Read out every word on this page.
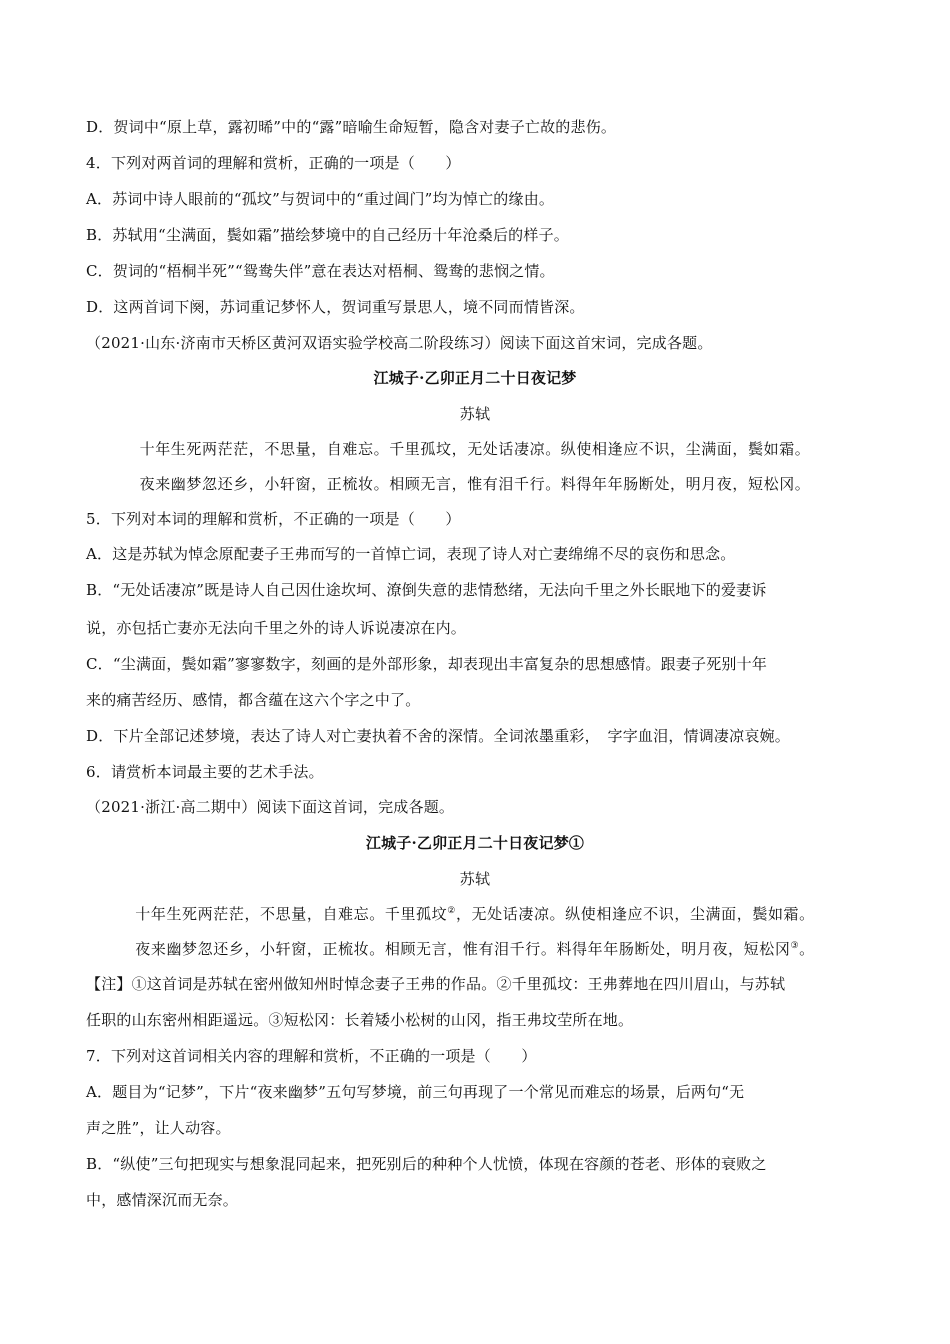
D．贺词中“原上草，露初晞”中的“露”暗喻生命短暂，隐含对妻子亡故的悲伤。
4．下列对两首词的理解和赏析，正确的一项是（　　）
A．苏词中诗人眼前的“孤坟”与贺词中的“重过阊门”均为悼亡的缘由。
B．苏轼用“尘满面，鬓如霜”描绘梦境中的自己经历十年沧桑后的样子。
C．贺词的“梧桐半死”“鸳鸯失伴”意在表达对梧桐、鸳鸯的悲悯之情。
D．这两首词下阕，苏词重记梦怀人，贺词重写景思人，境不同而情皆深。
（2021·山东·济南市天桥区黄河双语实验学校高二阶段练习）阅读下面这首宋词，完成各题。
江城子·乙卯正月二十日夜记梦
苏轼
十年生死两茫茫，不思量，自难忘。千里孤坟，无处话凄凉。纵使相逢应不识，尘满面，鬓如霜。
夜来幽梦忽还乡，小轩窗，正梳妆。相顾无言，惟有泪千行。料得年年肠断处，明月夜，短松冈。
5．下列对本词的理解和赏析，不正确的一项是（　　）
A．这是苏轼为悼念原配妻子王弗而写的一首悼亡词，表现了诗人对亡妻绵绵不尽的哀伤和思念。
B．“无处话凄凉”既是诗人自己因仕途坎坷、潦倒失意的悲情愁绪，无法向千里之外长眠地下的爱妻诉
说，亦包括亡妻亦无法向千里之外的诗人诉说凄凉在内。
C．“尘满面，鬓如霜”寥寥数字，刻画的是外部形象，却表现出丰富复杂的思想感情。跟妻子死别十年
来的痛苦经历、感情，都含蕴在这六个字之中了。
D．下片全部记述梦境，表达了诗人对亡妻执着不舍的深情。全词浓墨重彩，　字字血泪，情调凄凉哀婉。
6．请赏析本词最主要的艺术手法。
（2021·浙江·高二期中）阅读下面这首词，完成各题。
江城子·乙卯正月二十日夜记梦①
苏轼
十年生死两茫茫，不思量，自难忘。千里孤坟②，无处话凄凉。纵使相逢应不识，尘满面，鬓如霜。
夜来幽梦忽还乡，小轩窗，正梳妆。相顾无言，惟有泪千行。料得年年肠断处，明月夜，短松冈③。
【注】①这首词是苏轼在密州做知州时悼念妻子王弗的作品。②千里孤坟：王弗葬地在四川眉山，与苏轼
任职的山东密州相距遥远。③短松冈：长着矮小松树的山冈，指王弗坟茔所在地。
7．下列对这首词相关内容的理解和赏析，不正确的一项是（　　）
A．题目为“记梦”，下片“夜来幽梦”五句写梦境，前三句再现了一个常见而难忘的场景，后两句“无
声之胜”，让人动容。
B．“纵使”三句把现实与想象混同起来，把死别后的种种个人忧愤，体现在容颜的苍老、形体的衰败之
中，感情深沉而无奈。
